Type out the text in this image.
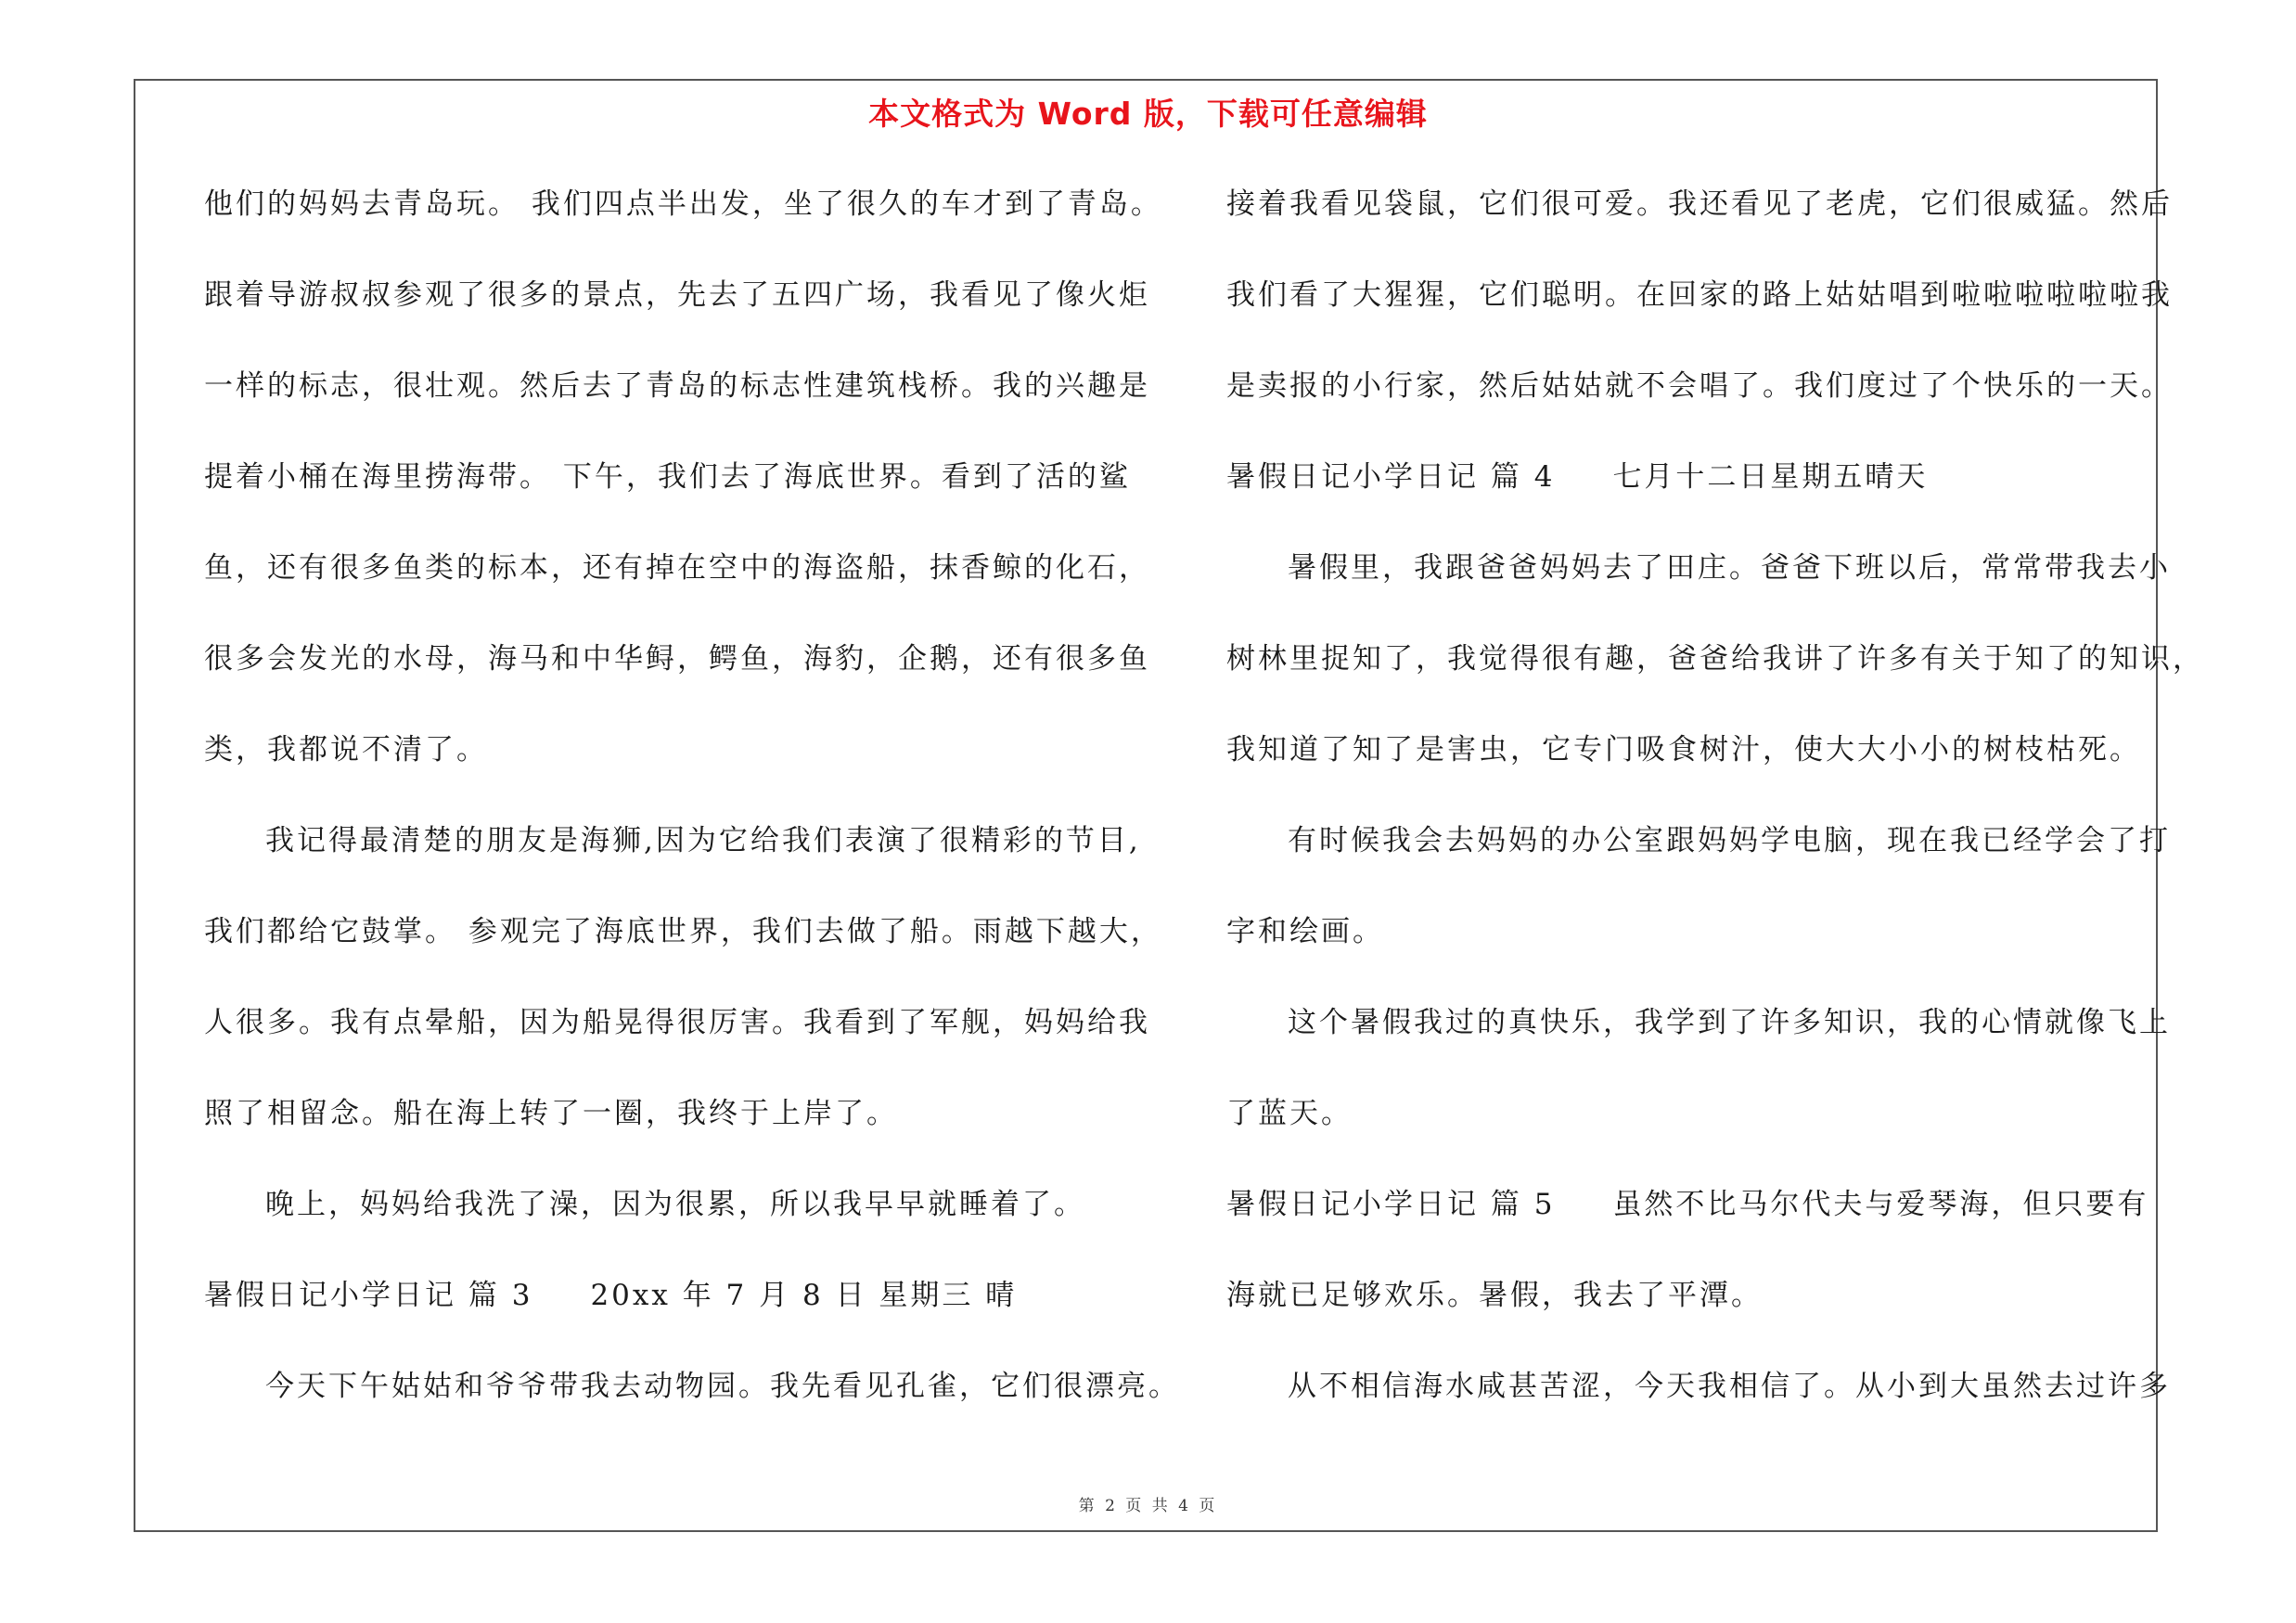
本文格式为 Word 版，下载可任意编辑
他们的妈妈去青岛玩。 我们四点半出发，坐了很久的车才到了青岛。
跟着导游叔叔参观了很多的景点，先去了五四广场，我看见了像火炬
一样的标志，很壮观。然后去了青岛的标志性建筑栈桥。我的兴趣是
提着小桶在海里捞海带。 下午，我们去了海底世界。看到了活的鲨
鱼，还有很多鱼类的标本，还有掉在空中的海盗船，抹香鲸的化石，
很多会发光的水母，海马和中华鲟，鳄鱼，海豹，企鹅，还有很多鱼
类，我都说不清了。
我记得最清楚的朋友是海狮,因为它给我们表演了很精彩的节目,
我们都给它鼓掌。 参观完了海底世界，我们去做了船。雨越下越大，
人很多。我有点晕船，因为船晃得很厉害。我看到了军舰，妈妈给我
照了相留念。船在海上转了一圈，我终于上岸了。
晚上，妈妈给我洗了澡，因为很累，所以我早早就睡着了。
暑假日记小学日记 篇 3 20xx 年 7 月 8 日 星期三 晴
今天下午姑姑和爷爷带我去动物园。我先看见孔雀，它们很漂亮。
接着我看见袋鼠，它们很可爱。我还看见了老虎，它们很威猛。然后
我们看了大猩猩，它们聪明。在回家的路上姑姑唱到啦啦啦啦啦啦我
是卖报的小行家，然后姑姑就不会唱了。我们度过了个快乐的一天。
暑假日记小学日记 篇 4 七月十二日星期五晴天
暑假里，我跟爸爸妈妈去了田庄。爸爸下班以后，常常带我去小
树林里捉知了，我觉得很有趣，爸爸给我讲了许多有关于知了的知识，
我知道了知了是害虫，它专门吸食树汁，使大大小小的树枝枯死。
有时候我会去妈妈的办公室跟妈妈学电脑，现在我已经学会了打
字和绘画。
这个暑假我过的真快乐，我学到了许多知识，我的心情就像飞上
了蓝天。
暑假日记小学日记 篇 5 虽然不比马尔代夫与爱琴海，但只要有
海就已足够欢乐。暑假，我去了平潭。
从不相信海水咸甚苦涩，今天我相信了。从小到大虽然去过许多
第 2 页 共 4 页
